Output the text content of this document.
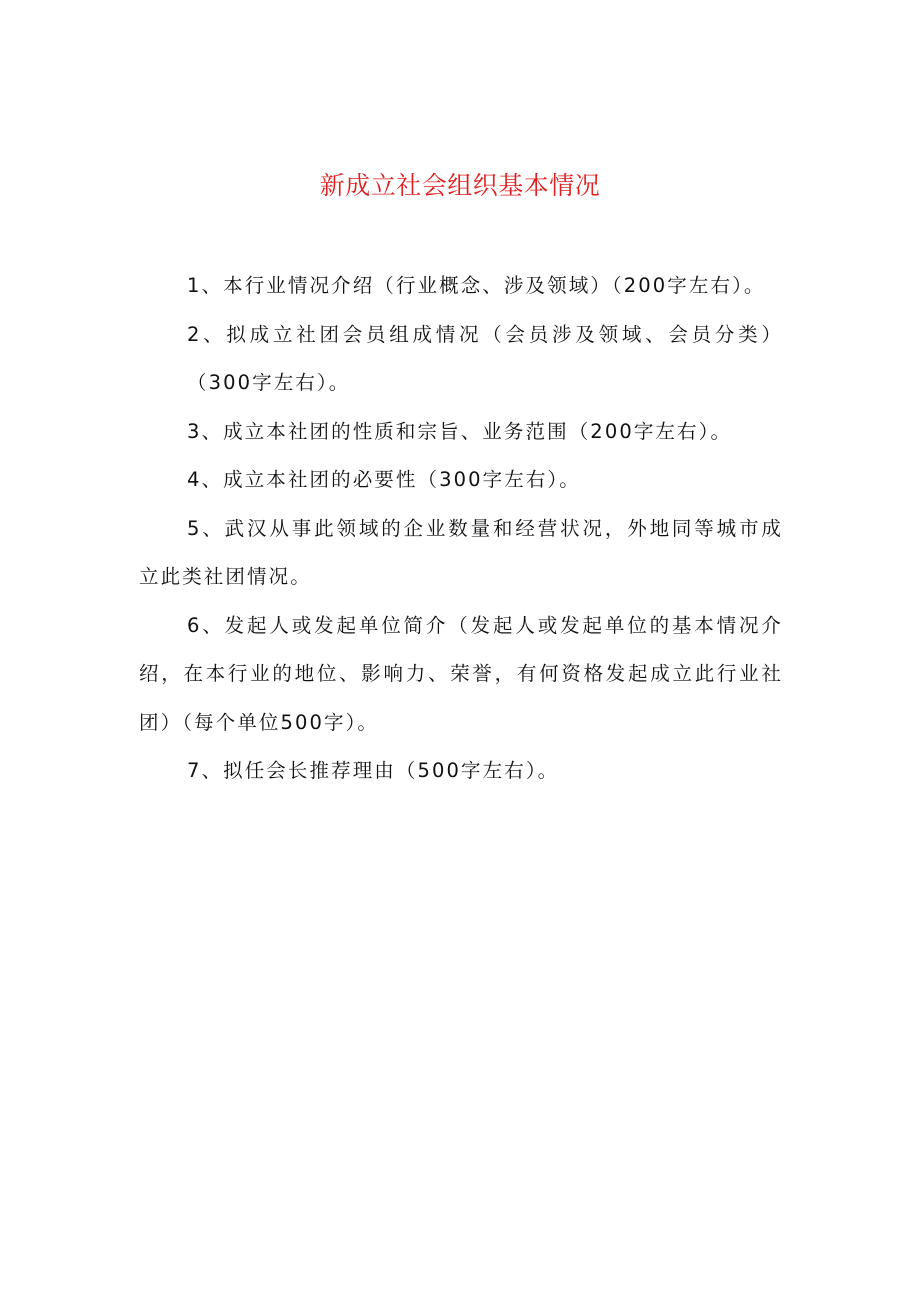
新成立社会组织基本情况

1、本行业情况介绍（行业概念、涉及领域）（200字左右）。

2、拟成立社团会员组成情况（会员涉及领域、会员分类）（300字左右）。

3、成立本社团的性质和宗旨、业务范围（200字左右）。

4、成立本社团的必要性（300字左右）。

5、武汉从事此领域的企业数量和经营状况，外地同等城市成立此类社团情况。

6、发起人或发起单位简介（发起人或发起单位的基本情况介绍，在本行业的地位、影响力、荣誉，有何资格发起成立此行业社团）（每个单位500字）。

7、拟任会长推荐理由（500字左右）。
